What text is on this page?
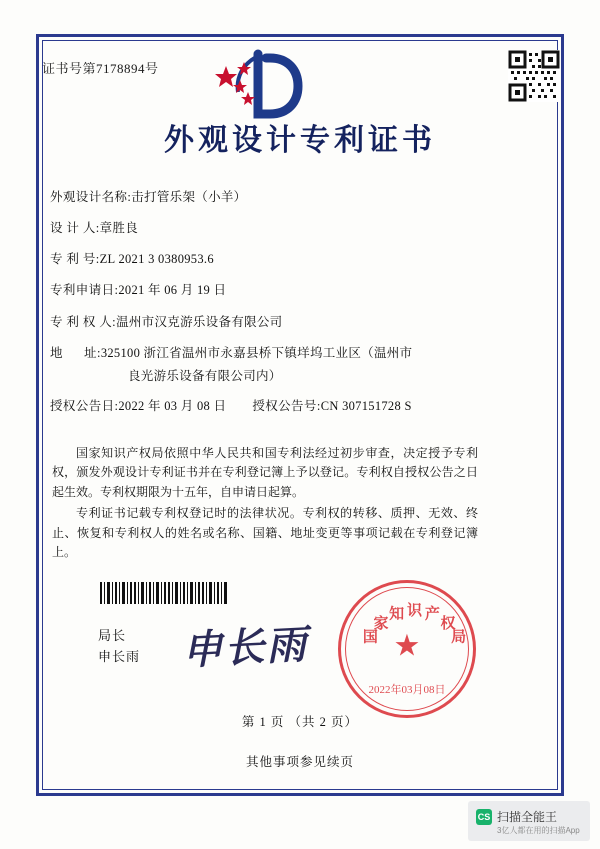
证书号第7178894号
外观设计专利证书
外观设计名称: 击打管乐架（小羊）
设 计 人: 章胜良
专 利 号: ZL 2021 3 0380953.6
专利申请日: 2021 年 06 月 19 日
专 利 权 人: 温州市汉克游乐设备有限公司
地      址: 325100 浙江省温州市永嘉县桥下镇垟坞工业区（温州市
良光游乐设备有限公司内）
授权公告日: 2022 年 03 月 08 日 授权公告号: CN 307151728 S

国家知识产权局依照中华人民共和国专利法经过初步审查，决定授予专利权，颁发外观设计专利证书并在专利登记簿上予以登记。专利权自授权公告之日起生效。专利权期限为十五年，自申请日起算。

专利证书记载专利权登记时的法律状况。专利权的转移、质押、无效、终止、恢复和专利权人的姓名或名称、国籍、地址变更等事项记载在专利登记簿上。

局长
申长雨 申长雨	★
国
家
知 识 产
权
局
2022年03月08日
第 1 页 （共 2 页）
其他事项参见续页
CS 扫描全能王
3亿人都在用的扫描App
